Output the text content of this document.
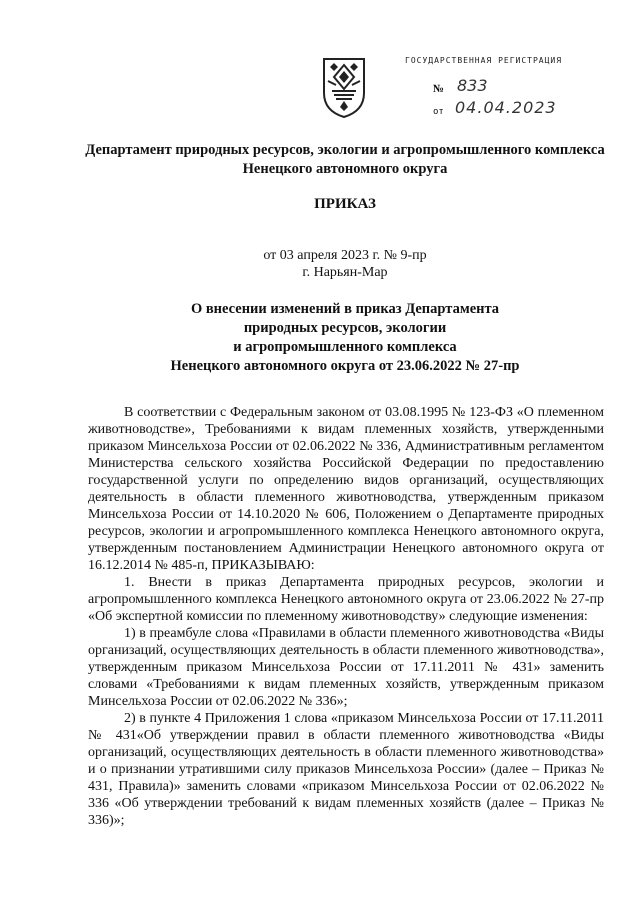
ГОСУДАРСТВЕННАЯ РЕГИСТРАЦИЯ
№ 833
от 04.04.2023
Департамент природных ресурсов, экологии и агропромышленного комплекса Ненецкого автономного округа
ПРИКАЗ
от 03 апреля 2023 г. № 9-пр
г. Нарьян-Мар
О внесении изменений в приказ Департамента
природных ресурсов, экологии
и агропромышленного комплекса
Ненецкого автономного округа от 23.06.2022 № 27-пр

В соответствии с Федеральным законом от 03.08.1995 № 123-ФЗ «О племенном животноводстве», Требованиями к видам племенных хозяйств, утвержденными приказом Минсельхоза России от 02.06.2022 № 336, Административным регламентом Министерства сельского хозяйства Российской Федерации по предоставлению государственной услуги по определению видов организаций, осуществляющих деятельность в области племенного животноводства, утвержденным приказом Минсельхоза России от 14.10.2020 № 606, Положением о Департаменте природных ресурсов, экологии и агропромышленного комплекса Ненецкого автономного округа, утвержденным постановлением Администрации Ненецкого автономного округа от 16.12.2014 № 485-п, ПРИКАЗЫВАЮ:

1. Внести в приказ Департамента природных ресурсов, экологии и агропромышленного комплекса Ненецкого автономного округа от 23.06.2022 № 27-пр «Об экспертной комиссии по племенному животноводству» следующие изменения:

1) в преамбуле слова «Правилами в области племенного животноводства «Виды организаций, осуществляющих деятельность в области племенного животноводства», утвержденным приказом Минсельхоза России от 17.11.2011 № 431» заменить словами «Требованиями к видам племенных хозяйств, утвержденным приказом Минсельхоза России от 02.06.2022 № 336»;

2) в пункте 4 Приложения 1 слова «приказом Минсельхоза России от 17.11.2011 № 431«Об утверждении правил в области племенного животноводства «Виды организаций, осуществляющих деятельность в области племенного животноводства» и о признании утратившими силу приказов Минсельхоза России» (далее – Приказ № 431, Правила)» заменить словами «приказом Минсельхоза России от 02.06.2022 № 336 «Об утверждении требований к видам племенных хозяйств (далее – Приказ № 336)»;
